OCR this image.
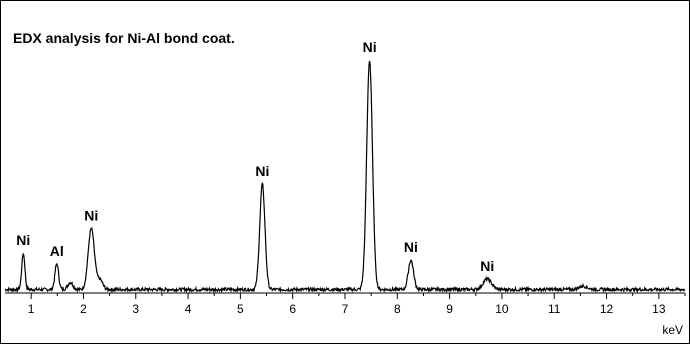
EDX analysis for Ni-Al bond coat.
Ni
Al
Ni
Ni
Ni
Ni
Ni
1	2	3	4	5	6	7	8	9	10	11	12	13
keV
